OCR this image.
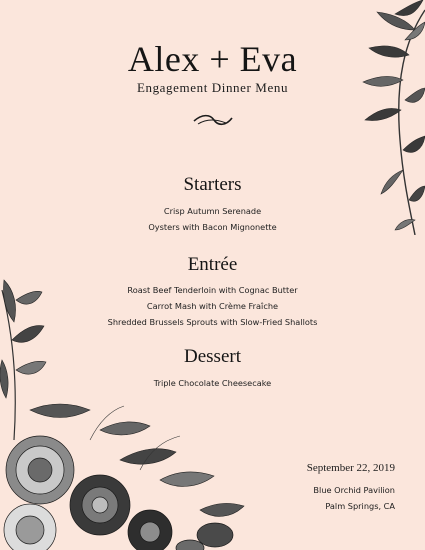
Alex + Eva
Engagement Dinner Menu
Starters
Crisp Autumn Serenade
Oysters with Bacon Mignonette
Entrée
Roast Beef Tenderloin with Cognac Butter
Carrot Mash with Crème Fraîche
Shredded Brussels Sprouts with Slow-Fried Shallots
Dessert
Triple Chocolate Cheesecake
September 22, 2019
Blue Orchid Pavilion
Palm Springs, CA
